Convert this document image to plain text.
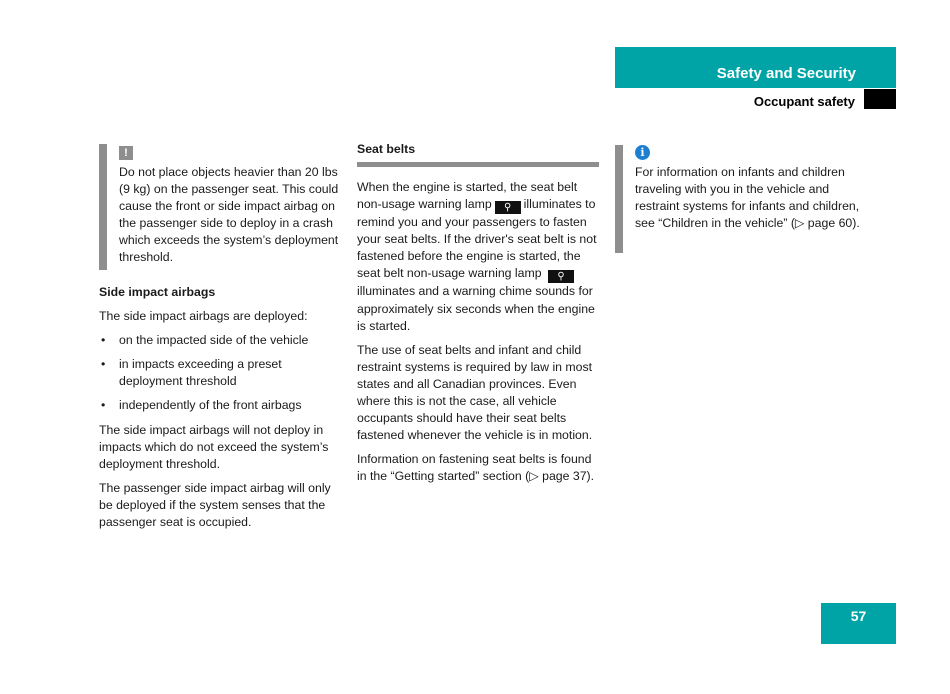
Safety and Security
Occupant safety
!
Do not place objects heavier than 20 lbs (9 kg) on the passenger seat. This could cause the front or side impact airbag on the passenger side to deploy in a crash which exceeds the system’s deployment threshold.
Side impact airbags

The side impact airbags are deployed:

• on the impacted side of the vehicle
• in impacts exceeding a preset deployment threshold
• independently of the front airbags

The side impact airbags will not deploy in impacts which do not exceed the system’s deployment threshold.

The passenger side impact airbag will only be deployed if the system senses that the passenger seat is occupied.

Seat belts

When the engine is started, the seat belt non-usage warning lamp ⚲ illuminates to remind you and your passengers to fasten your seat belts. If the driver's seat belt is not fastened before the engine is started, the seat belt non-usage warning lamp ⚲illuminates and a warning chime sounds for approximately six seconds when the engine is started.

The use of seat belts and infant and child restraint systems is required by law in most states and all Canadian provinces. Even where this is not the case, all vehicle occupants should have their seat belts fastened whenever the vehicle is in motion.

Information on fastening seat belts is found in the “Getting started” section (▷ page 37).

i
For information on infants and children traveling with you in the vehicle and restraint systems for infants and children, see “Children in the vehicle” (▷ page 60).
57
